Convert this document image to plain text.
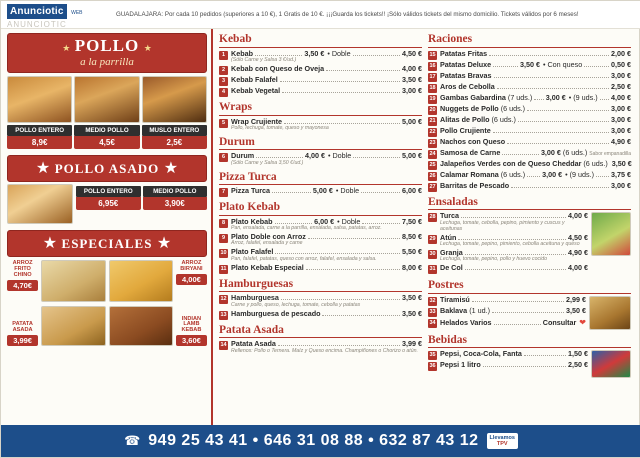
Anunciotic WEB
ANUNCIOTIC
GUADALAJARA: Por cada 10 pedidos (superiores a 10 €), 1 Gratis de 10 €. ¡¡¡Guarda los tickets!! ¡Sólo válidos tickets del mismo domicilio. Tickets válidos por 6 meses!
★ POLLO ★
a la parrilla
POLLO ENTERO
8,9€
MEDIO POLLO
4,5€
MUSLO ENTERO
2,5€
★ POLLO ASADO ★
POLLO ENTERO
6,95€
MEDIO POLLO
3,90€
★ ESPECIALES ★
ARROZ FRITO CHINO
4,70€
ARROZ BIRYANI
4,00€
PATATA ASADA
3,99€
INDIAN LAMB KEBAB
3,60€
Kebab
1 Kebab	3,50 € • Doble	4,50 €
(Sólo Carne y Salsa 3 €/ud.)
2 Kebab con Queso de Oveja	4,00 €
3 Kebab Falafel	3,50 €
4 Kebab Vegetal	3,00 €
Wraps
5 Wrap Crujiente	5,00 €
Pollo, lechuga, tomate, queso y mayonesa
Durum
6 Durum	4,00 € • Doble	5,00 €
(Sólo Carne y Salsa 3,50 €/ud.)
Pizza Turca
7 Pizza Turca	5,00 € • Doble	6,00 €
Plato Kebab
8 Plato Kebab	6,00 € • Doble	7,50 €
Pan, ensalada, carne a la parrilla, ensalada, salsa, patatas, arroz.
9 Plato Doble con Arroz	8,50 €
Arroz, falafel, ensalada y carne
10 Plato Falafel	5,50 €
Pan, falafel, patatas, queso con arroz, falafel, ensalada y salsa.
11 Plato Kebab Especial	8,00 €
Hamburguesas
12 Hamburguesa	3,50 €
Carne y pollo, queso, lechuga, tomate, cebolla y patatas
13 Hamburguesa de pescado	3,50 €
Patata Asada
14 Patata Asada	3,99 €
Rellenos: Pollo o Ternera. Maíz y Queso encima. Champiñones o Chorizo o atún.
Raciones
15 Patatas Fritas	2,00 €
16 Patatas Deluxe	3,50 € • Con queso	0,50 €
17 Patatas Bravas	3,00 €
18 Aros de Cebolla	2,50 €
19 Gambas Gabardina (7 uds.) 3,00 € • (9 uds.) 4,00 €
20 Nuggets de Pollo (6 uds.)	3,00 €
21 Alitas de Pollo (6 uds.)	3,00 €
22 Pollo Crujiente	3,00 €
23 Nachos con Queso	4,90 €
24 Samosa de Carne	3,00 € (6 uds.) Sabor empanadilla
25 Jalapeños Verdes con de Queso Cheddar (6 uds.) 3,50 €
26 Calamar Romana (6 uds.) 3,00 € • (9 uds.) 3,75 €
27 Barritas de Pescado	3,00 €
Ensaladas
28 Turca	4,00 €
Lechuga, tomate, cebolla, pepino, pimiento y cuscus y aceitunas
29 Atún	4,50 €
Lechuga, tomate, pepino, pimiento, cebolla aceituna y queso
30 Granja	4,90 €
Lechuga, tomate, pepino, pollo y huevo cocido
31 De Col	4,00 €
Postres
32 Tiramisú	2,99 €
33 Baklava (1 ud.)	3,50 €
34 Helados Varios	Consultar ❤
Bebidas
35 Pepsi, Coca-Cola, Fanta	1,50 €
36 Pepsi 1 litro	2,50 €
☎ 949 25 43 41 • 646 31 08 88 • 632 87 43 12	Llevamos
TPV
